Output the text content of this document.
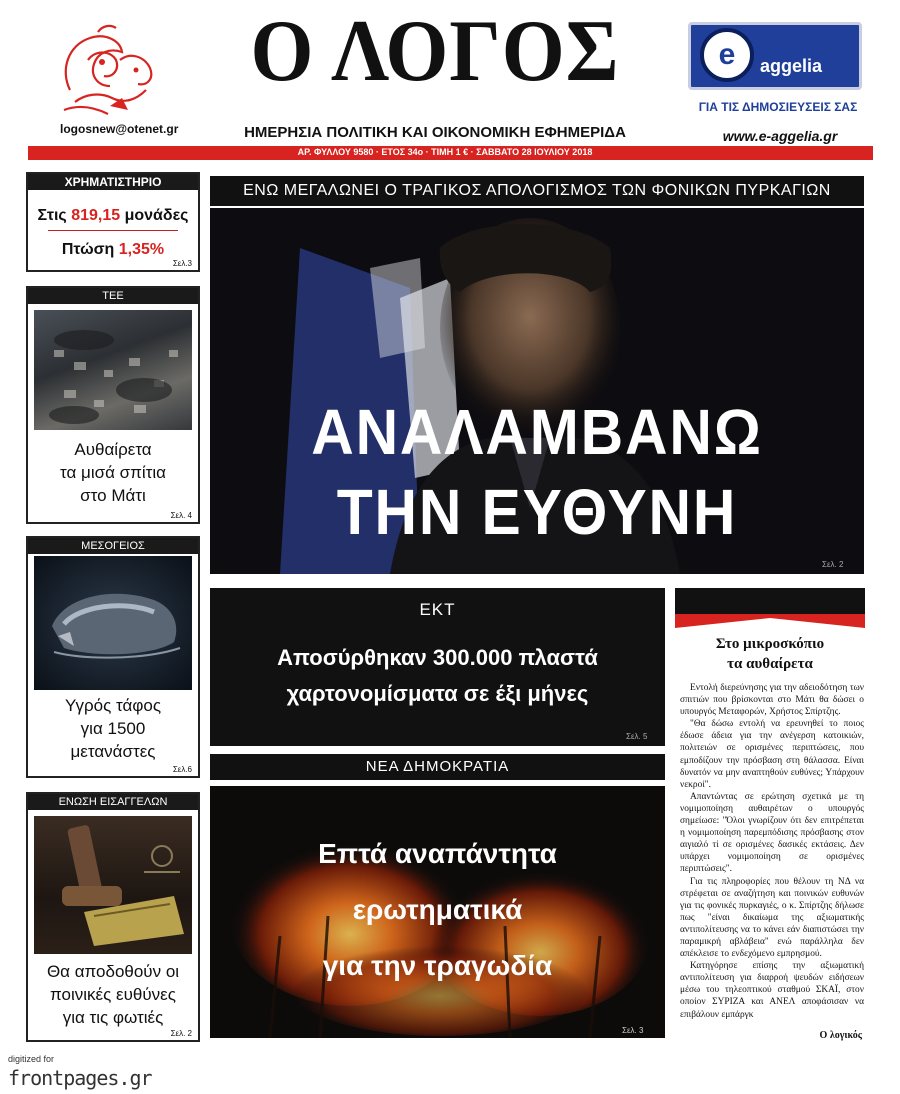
logosnew@otenet.gr
Ο ΛΟΓΟΣ
ΗΜΕΡΗΣΙΑ ΠΟΛΙΤΙΚΗ ΚΑΙ ΟΙΚΟΝΟΜΙΚΗ ΕΦΗΜΕΡΙΔΑ
e aggelia
ΓΙΑ ΤΙΣ ΔΗΜΟΣΙΕΥΣΕΙΣ ΣΑΣ
www.e-aggelia.gr
ΑΡ. ΦΥΛΛΟΥ 9580 · ΕΤΟΣ 34ο · ΤΙΜΗ 1 € · ΣΑΒΒΑΤΟ 28 ΙΟΥΛΙΟΥ 2018
ΧΡΗΜΑΤΙΣΤΗΡΙΟ
Στις 819,15 μονάδες
Πτώση 1,35%
Σελ.3
ΤΕΕ
Αυθαίρετα
τα μισά σπίτια
στο Μάτι
Σελ. 4
ΜΕΣΟΓΕΙΟΣ
Υγρός τάφος
για 1500
μετανάστες
Σελ.6
ΕΝΩΣΗ ΕΙΣΑΓΓΕΛΩΝ
Θα αποδοθούν οι
ποινικές ευθύνες
για τις φωτιές
Σελ. 2
ΕΝΩ ΜΕΓΑΛΩΝΕΙ Ο ΤΡΑΓΙΚΟΣ ΑΠΟΛΟΓΙΣΜΟΣ ΤΩΝ ΦΟΝΙΚΩΝ ΠΥΡΚΑΓΙΩΝ
ΑΝΑΛΑΜΒΑΝΩ
ΤΗΝ ΕΥΘΥΝΗ
Σελ. 2
ΕΚΤ
Αποσύρθηκαν 300.000 πλαστά
χαρτονομίσματα σε έξι μήνες
Σελ. 5
ΝΕΑ ΔΗΜΟΚΡΑΤΙΑ
Επτά αναπάντητα
ερωτηματικά
για την τραγωδία
Σελ. 3
Στο μικροσκόπιο
τα αυθαίρετα

Εντολή διερεύνησης για την αδειοδότηση των σπιτιών που βρίσκονται στο Μάτι θα δώσει ο υπουργός Μεταφορών, Χρήστος Σπίρτζης.

"Θα δώσω εντολή να ερευνηθεί το ποιος έδωσε άδεια για την ανέγερση κατοικιών, πολιτειών σε ορισμένες περιπτώσεις, που εμποδίζουν την πρόσβαση στη θάλασσα. Είναι δυνατόν να μην αναπτηθούν ευθύνες; Υπάρχουν νεκροί".

Απαντώντας σε ερώτηση σχετικά με τη νομιμοποίηση αυθαιρέτων ο υπουργός σημείωσε: "Όλοι γνωρίζουν ότι δεν επιτρέπεται η νομιμοποίηση παρεμπόδισης πρόσβασης στον αιγιαλό τί σε ορισμένες δασικές εκτάσεις. Δεν υπάρχει νομιμοποίηση σε ορισμένες περιπτώσεις".

Για τις πληροφορίες που θέλουν τη ΝΔ να στρέφεται σε αναζήτηση και ποινικών ευθυνών για τις φονικές πυρκαγιές, ο κ. Σπίρτζης δήλωσε πως "είναι δικαίωμα της αξιωματικής αντιπολίτευσης να το κάνει εάν διαπιστώσει την παραμικρή αβλάβεια" ενώ παράλληλα δεν απέκλεισε το ενδεχόμενο εμπρησμού.

Κατηγόρησε επίσης την αξιωματική αντιπολίτευση για διαρροή ψευδών ειδήσεων μέσω του τηλεοπτικού σταθμού ΣΚΑΪ, στον οποίον ΣΥΡΙΖΑ και ΑΝΕΛ αποφάσισαν να επιβάλουν εμπάργκ

Ο λογικός
digitized for
frontpages.gr
